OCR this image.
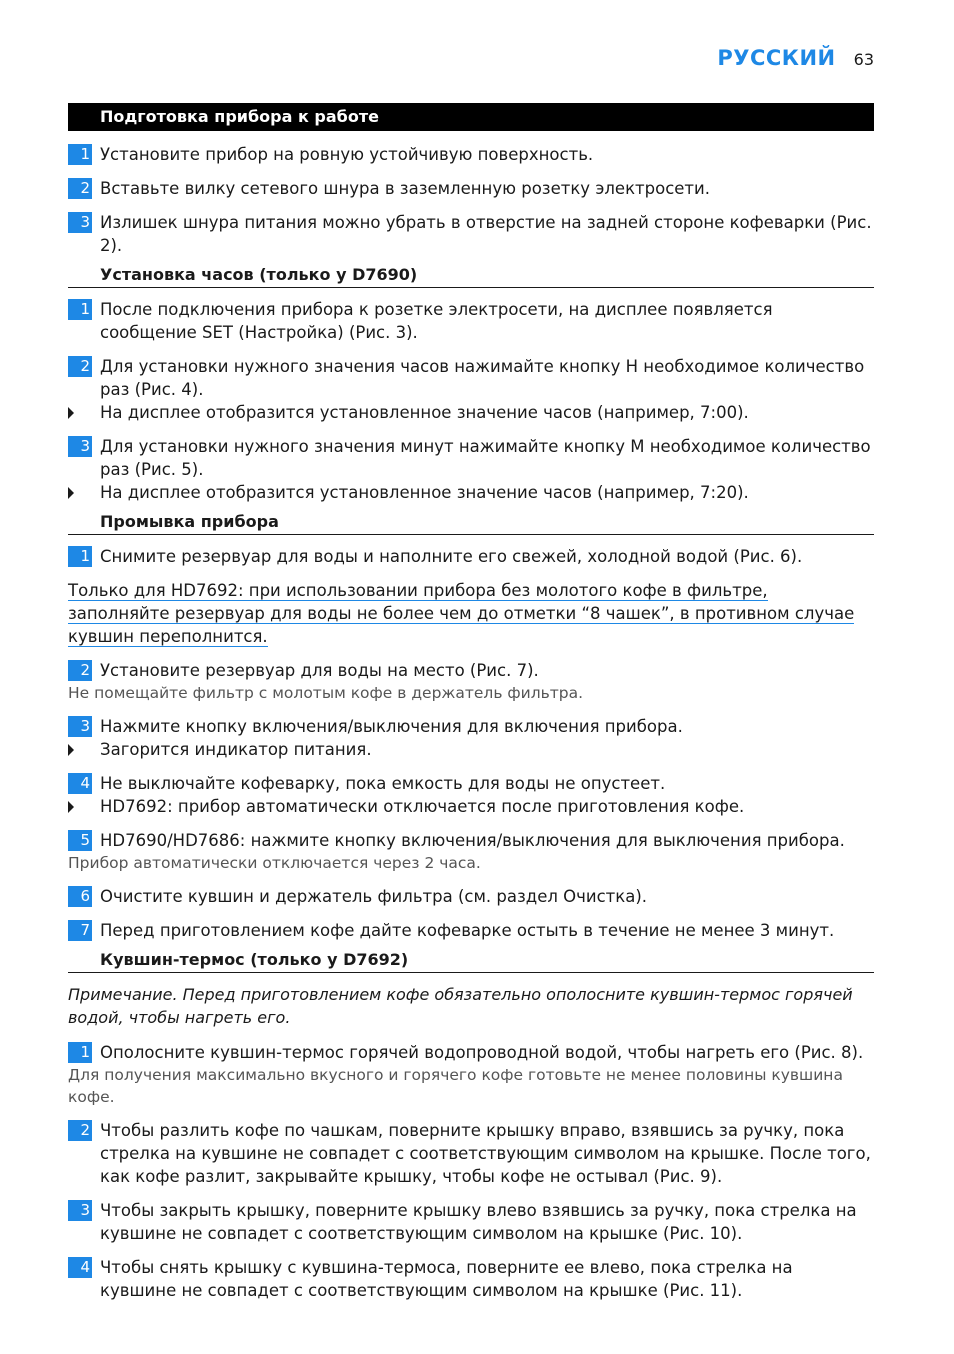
РУССКИЙ 63
Подготовка прибора к работе
1 Установите прибор на ровную устойчивую поверхность.
2 Вставьте вилку сетевого шнура в заземленную розетку электросети.
3 Излишек шнура питания можно убрать в отверстие на задней стороне кофеварки (Рис. 2).
Установка часов (только у D7690)
1 После подключения прибора к розетке электросети, на дисплее появляется сообщение SET (Настройка) (Рис. 3).
2 Для установки нужного значения часов нажимайте кнопку H необходимое количество раз (Рис. 4).
На дисплее отобразится установленное значение часов (например, 7:00).
3 Для установки нужного значения минут нажимайте кнопку M необходимое количество раз (Рис. 5).
На дисплее отобразится установленное значение часов (например, 7:20).
Промывка прибора
1 Снимите резервуар для воды и наполните его свежей, холодной водой (Рис. 6).
Только для HD7692: при использовании прибора без молотого кофе в фильтре, заполняйте резервуар для воды не более чем до отметки “8 чашек”, в противном случае кувшин переполнится.
2 Установите резервуар для воды на место (Рис. 7).
Не помещайте фильтр с молотым кофе в держатель фильтра.
3 Нажмите кнопку включения/выключения для включения прибора.
Загорится индикатор питания.
4 Не выключайте кофеварку, пока емкость для воды не опустеет.
HD7692: прибор автоматически отключается после приготовления кофе.
5 HD7690/HD7686: нажмите кнопку включения/выключения для выключения прибора.
Прибор автоматически отключается через 2 часа.
6 Очистите кувшин и держатель фильтра (см. раздел Очистка).
7 Перед приготовлением кофе дайте кофеварке остыть в течение не менее 3 минут.
Кувшин-термос (только у D7692)
Примечание. Перед приготовлением кофе обязательно ополосните кувшин-термос горячей водой, чтобы нагреть его.
1 Ополосните кувшин-термос горячей водопроводной водой, чтобы нагреть его (Рис. 8).
Для получения максимально вкусного и горячего кофе готовьте не менее половины кувшина кофе.
2 Чтобы разлить кофе по чашкам, поверните крышку вправо, взявшись за ручку, пока стрелка на кувшине не совпадет с соответствующим символом на крышке. После того, как кофе разлит, закрывайте крышку, чтобы кофе не остывал (Рис. 9).
3 Чтобы закрыть крышку, поверните крышку влево взявшись за ручку, пока стрелка на кувшине не совпадет с соответствующим символом на крышке (Рис. 10).
4 Чтобы снять крышку с кувшина-термоса, поверните ее влево, пока стрелка на кувшине не совпадет с соответствующим символом на крышке (Рис. 11).
